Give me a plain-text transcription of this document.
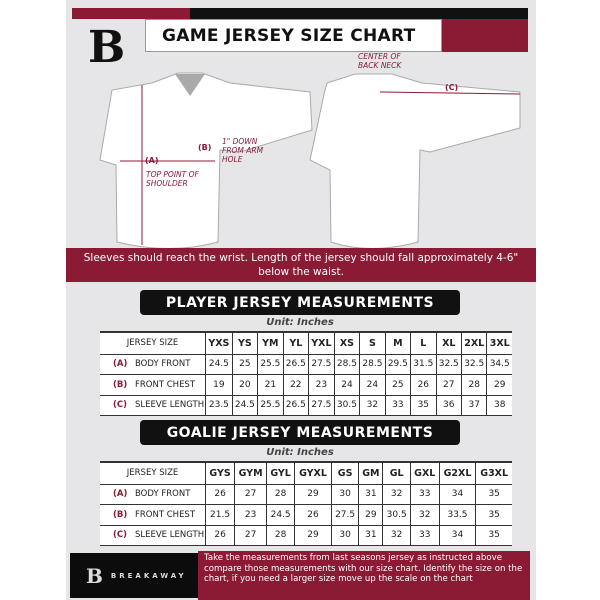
B	GAME JERSEY SIZE CHART
(A)
TOP POINT OF SHOULDER
(B)
1" DOWN FROM ARM HOLE
(C)
CENTER OF BACK NECK
Sleeves should reach the wrist. Length of the jersey should fall approximately 4-6" below the waist.
PLAYER JERSEY MEASUREMENTS
Unit: Inches
JERSEY SIZE	YXS	YS	YM	YL	YXL	XS	S	M	L	XL	2XL	3XL
(A) BODY FRONT	24.5	25	25.5	26.5	27.5	28.5	28.5	29.5	31.5	32.5	32.5	34.5
(B) FRONT CHEST	19	20	21	22	23	24	24	25	26	27	28	29
(C) SLEEVE LENGTH	23.5	24.5	25.5	26.5	27.5	30.5	32	33	35	36	37	38
GOALIE JERSEY MEASUREMENTS
Unit: Inches
JERSEY SIZE	GYS	GYM	GYL	GYXL	GS	GM	GL	GXL	G2XL	G3XL
(A) BODY FRONT	26	27	28	29	30	31	32	33	34	35
(B) FRONT CHEST	21.5	23	24.5	26	27.5	29	30.5	32	33.5	35
(C) SLEEVE LENGTH	26	27	28	29	30	31	32	33	34	35
B BREAKAWAY
Take the measurements from last seasons jersey as instructed above compare those measurements with our size chart. Identify the size on the chart, if you need a larger size move up the scale on the chart
